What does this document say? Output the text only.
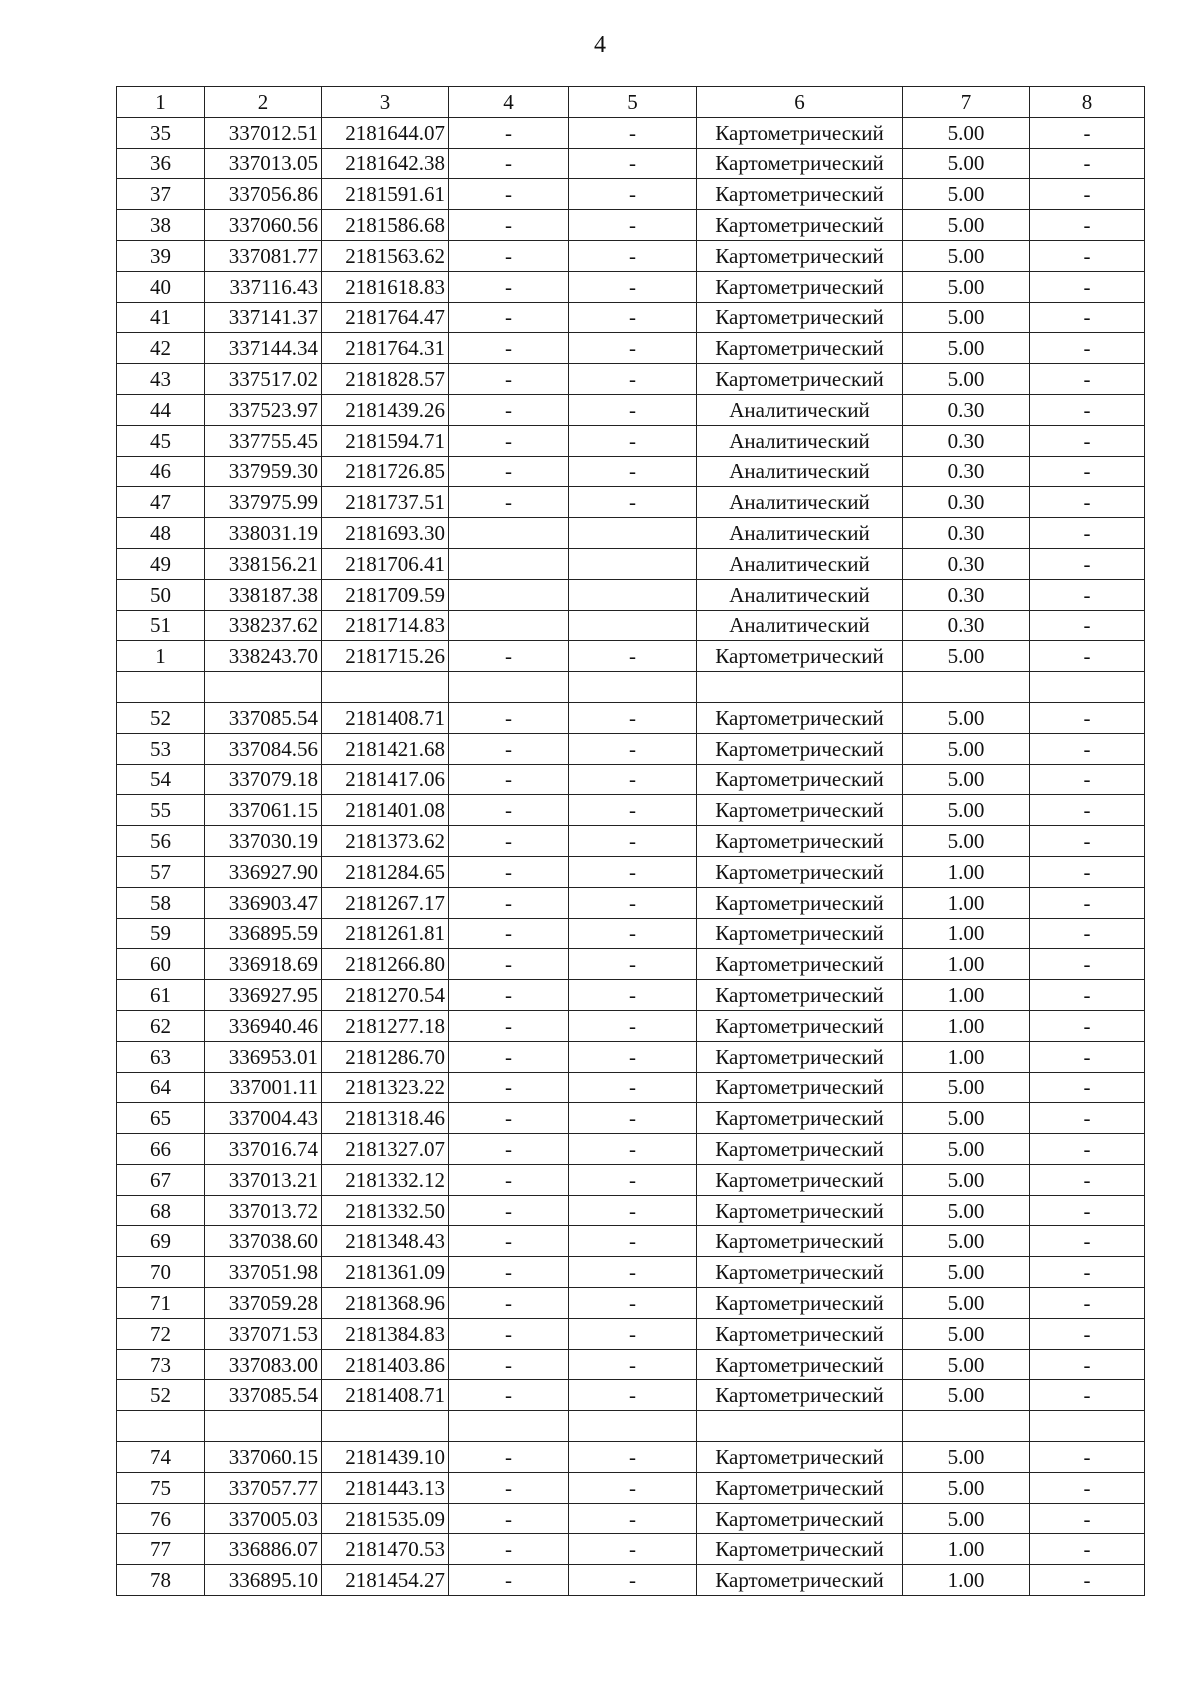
4
1	2	3	4	5	6	7	8
35	337012.51	2181644.07	-	-	Картометрический	5.00	-
36	337013.05	2181642.38	-	-	Картометрический	5.00	-
37	337056.86	2181591.61	-	-	Картометрический	5.00	-
38	337060.56	2181586.68	-	-	Картометрический	5.00	-
39	337081.77	2181563.62	-	-	Картометрический	5.00	-
40	337116.43	2181618.83	-	-	Картометрический	5.00	-
41	337141.37	2181764.47	-	-	Картометрический	5.00	-
42	337144.34	2181764.31	-	-	Картометрический	5.00	-
43	337517.02	2181828.57	-	-	Картометрический	5.00	-
44	337523.97	2181439.26	-	-	Аналитический	0.30	-
45	337755.45	2181594.71	-	-	Аналитический	0.30	-
46	337959.30	2181726.85	-	-	Аналитический	0.30	-
47	337975.99	2181737.51	-	-	Аналитический	0.30	-
48	338031.19	2181693.30			Аналитический	0.30	-
49	338156.21	2181706.41			Аналитический	0.30	-
50	338187.38	2181709.59			Аналитический	0.30	-
51	338237.62	2181714.83			Аналитический	0.30	-
1	338243.70	2181715.26	-	-	Картометрический	5.00	-

52	337085.54	2181408.71	-	-	Картометрический	5.00	-
53	337084.56	2181421.68	-	-	Картометрический	5.00	-
54	337079.18	2181417.06	-	-	Картометрический	5.00	-
55	337061.15	2181401.08	-	-	Картометрический	5.00	-
56	337030.19	2181373.62	-	-	Картометрический	5.00	-
57	336927.90	2181284.65	-	-	Картометрический	1.00	-
58	336903.47	2181267.17	-	-	Картометрический	1.00	-
59	336895.59	2181261.81	-	-	Картометрический	1.00	-
60	336918.69	2181266.80	-	-	Картометрический	1.00	-
61	336927.95	2181270.54	-	-	Картометрический	1.00	-
62	336940.46	2181277.18	-	-	Картометрический	1.00	-
63	336953.01	2181286.70	-	-	Картометрический	1.00	-
64	337001.11	2181323.22	-	-	Картометрический	5.00	-
65	337004.43	2181318.46	-	-	Картометрический	5.00	-
66	337016.74	2181327.07	-	-	Картометрический	5.00	-
67	337013.21	2181332.12	-	-	Картометрический	5.00	-
68	337013.72	2181332.50	-	-	Картометрический	5.00	-
69	337038.60	2181348.43	-	-	Картометрический	5.00	-
70	337051.98	2181361.09	-	-	Картометрический	5.00	-
71	337059.28	2181368.96	-	-	Картометрический	5.00	-
72	337071.53	2181384.83	-	-	Картометрический	5.00	-
73	337083.00	2181403.86	-	-	Картометрический	5.00	-
52	337085.54	2181408.71	-	-	Картометрический	5.00	-

74	337060.15	2181439.10	-	-	Картометрический	5.00	-
75	337057.77	2181443.13	-	-	Картометрический	5.00	-
76	337005.03	2181535.09	-	-	Картометрический	5.00	-
77	336886.07	2181470.53	-	-	Картометрический	1.00	-
78	336895.10	2181454.27	-	-	Картометрический	1.00	-
